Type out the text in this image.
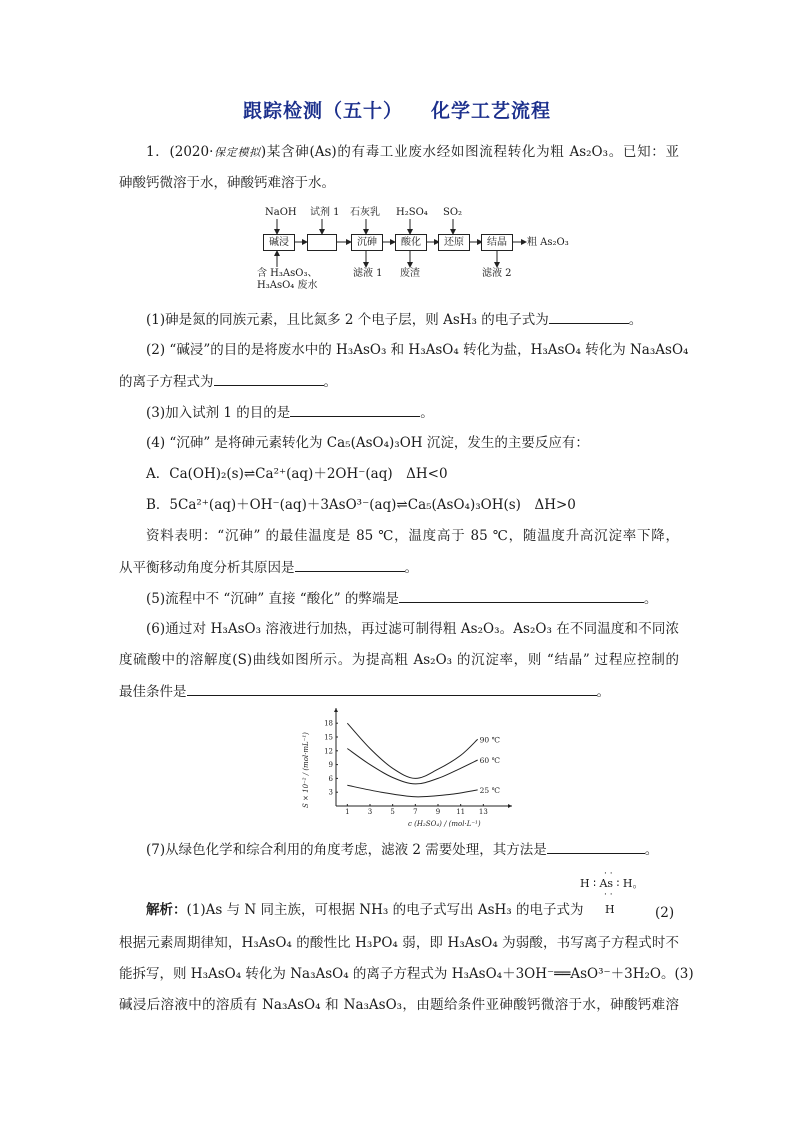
跟踪检测（五十） 化学工艺流程
1．(2020·保定模拟)某含砷(As)的有毒工业废水经如图流程转化为粗 As₂O₃。已知：亚
砷酸钙微溶于水，砷酸钙难溶于水。
NaOH 试剂 1 石灰乳 H₂SO₄ SO₂
碱浸	沉砷	酸化	还原	结晶	粗 As₂O₃
滤液 1 废渣	滤液 2
含 H₃AsO₃、
H₃AsO₄ 废水
(1)砷是氮的同族元素，且比氮多 2 个电子层，则 AsH₃ 的电子式为	。
(2) “碱浸”的目的是将废水中的 H₃AsO₃ 和 H₃AsO₄ 转化为盐，H₃AsO₄ 转化为 Na₃AsO₄
的离子方程式为	。
(3)加入试剂 1 的目的是	。
(4) “沉砷” 是将砷元素转化为 Ca₅(AsO₄)₃OH 沉淀，发生的主要反应有：
A．Ca(OH)₂(s)⇌Ca²⁺(aq)＋2OH⁻(aq)　ΔH<0
B．5Ca²⁺(aq)＋OH⁻(aq)＋3AsO³⁻(aq)⇌Ca₅(AsO₄)₃OH(s)　ΔH>0
资料表明：“沉砷” 的最佳温度是 85 ℃，温度高于 85 ℃，随温度升高沉淀率下降，
从平衡移动角度分析其原因是	。
(5)流程中不 “沉砷” 直接 “酸化” 的弊端是	。
(6)通过对 H₃AsO₃ 溶液进行加热，再过滤可制得粗 As₂O₃。As₂O₃ 在不同温度和不同浓
度硫酸中的溶解度(S)曲线如图所示。为提高粗 As₂O₃ 的沉淀率，则 “结晶” 过程应控制的
最佳条件是	。
1	3	5	7	9 11 13
3
6
9
12
15
18
90 ℃
60 ℃
25 ℃
c (H₂SO₄) / (mol·L⁻¹)
S × 10⁻² / (mol·mL⁻¹)
(7)从绿色化学和综合利用的角度考虑，滤液 2 需要处理，其方法是	。
· ·
H ∶ As ∶ H。
· ·
H
解析：(1)As 与 N 同主族，可根据 NH₃ 的电子式写出 AsH₃ 的电子式为	(2)
根据元素周期律知，H₃AsO₄ 的酸性比 H₃PO₄ 弱，即 H₃AsO₄ 为弱酸，书写离子方程式时不
能拆写，则 H₃AsO₄ 转化为 Na₃AsO₄ 的离子方程式为 H₃AsO₄＋3OH⁻══AsO³⁻＋3H₂O。(3)
碱浸后溶液中的溶质有 Na₃AsO₄ 和 Na₃AsO₃，由题给条件亚砷酸钙微溶于水，砷酸钙难溶
